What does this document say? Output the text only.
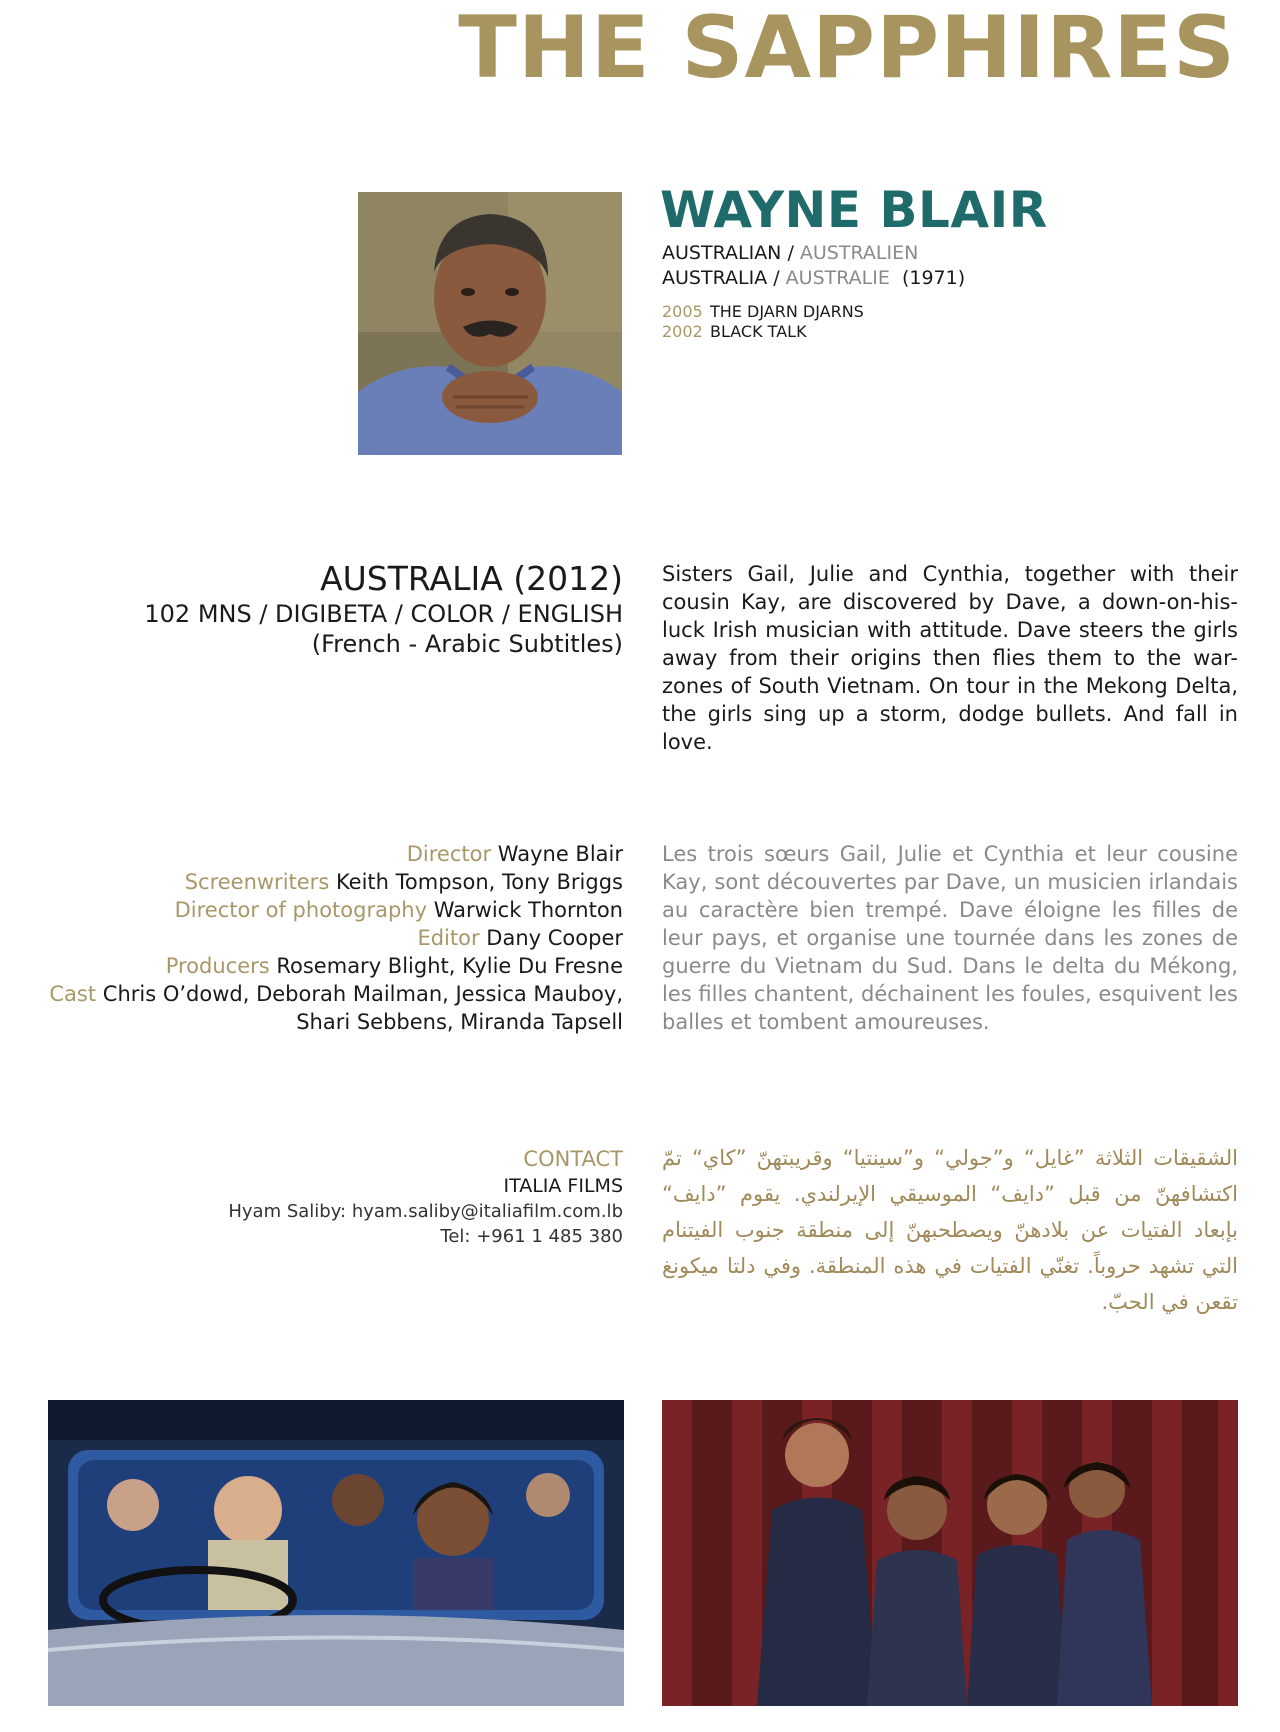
THE SAPPHIRES
WAYNE BLAIR
AUSTRALIAN / AUSTRALIEN
AUSTRALIA / AUSTRALIE (1971)
2005 THE DJARN DJARNS
2002 BLACK TALK
AUSTRALIA (2012)
102 MNS / DIGIBETA / COLOR / ENGLISH
(French - Arabic Subtitles)

Sisters Gail, Julie and Cynthia, together with their cousin Kay, are discovered by Dave, a down-on-his-luck Irish musician with attitude. Dave steers the girls away from their origins then flies them to the war-zones of South Vietnam. On tour in the Mekong Delta, the girls sing up a storm, dodge bullets. And fall in love.

Les trois sœurs Gail, Julie et Cynthia et leur cousine Kay, sont découvertes par Dave, un musicien irlandais au caractère bien trempé. Dave éloigne les filles de leur pays, et organise une tournée dans les zones de guerre du Vietnam du Sud. Dans le delta du Mékong, les filles chantent, déchainent les foules, esquivent les balles et tombent amoureuses.

الشقيقات الثلاثة ”غايل“ و”جولي“ و”سينتيا“ وقريبتهنّ ”كاي“ تمّ اكتشافهنّ من قبل ”دايف“ الموسيقي الإيرلندي. يقوم ”دايف“ بإبعاد الفتيات عن بلادهنّ ويصطحبهنّ إلى منطقة جنوب الفيتنام التي تشهد حروباً. تغنّي الفتيات في هذه المنطقة. وفي دلتا ميكونغ تقعن في الحبّ.

Director Wayne Blair
Screenwriters Keith Tompson, Tony Briggs
Director of photography Warwick Thornton
Editor Dany Cooper
Producers Rosemary Blight, Kylie Du Fresne
Cast Chris O’dowd, Deborah Mailman, Jessica Mauboy,
Shari Sebbens, Miranda Tapsell
CONTACT
ITALIA FILMS
Hyam Saliby: hyam.saliby@italiafilm.com.lb
Tel: +961 1 485 380
